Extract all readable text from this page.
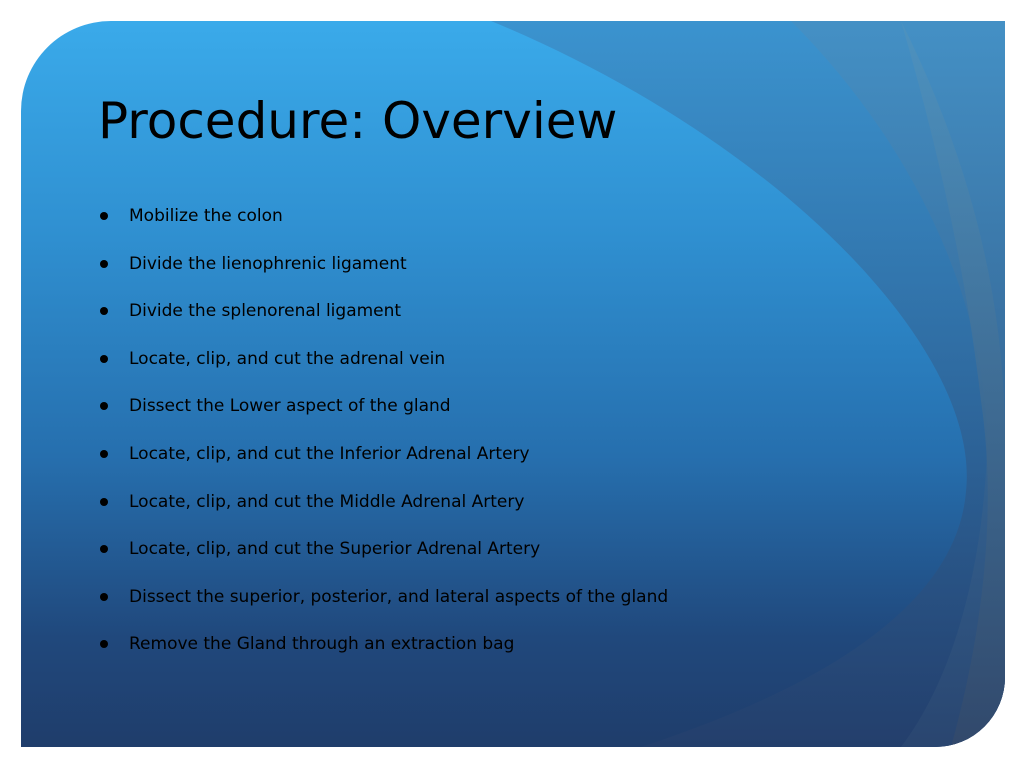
Procedure: Overview
Mobilize the colon
Divide the lienophrenic ligament
Divide the splenorenal ligament
Locate, clip, and cut the adrenal vein
Dissect the Lower aspect of the gland
Locate, clip, and cut the Inferior Adrenal Artery
Locate, clip, and cut the Middle Adrenal Artery
Locate, clip, and cut the Superior Adrenal Artery
Dissect the superior, posterior, and lateral aspects of the gland
Remove the Gland through an extraction bag
